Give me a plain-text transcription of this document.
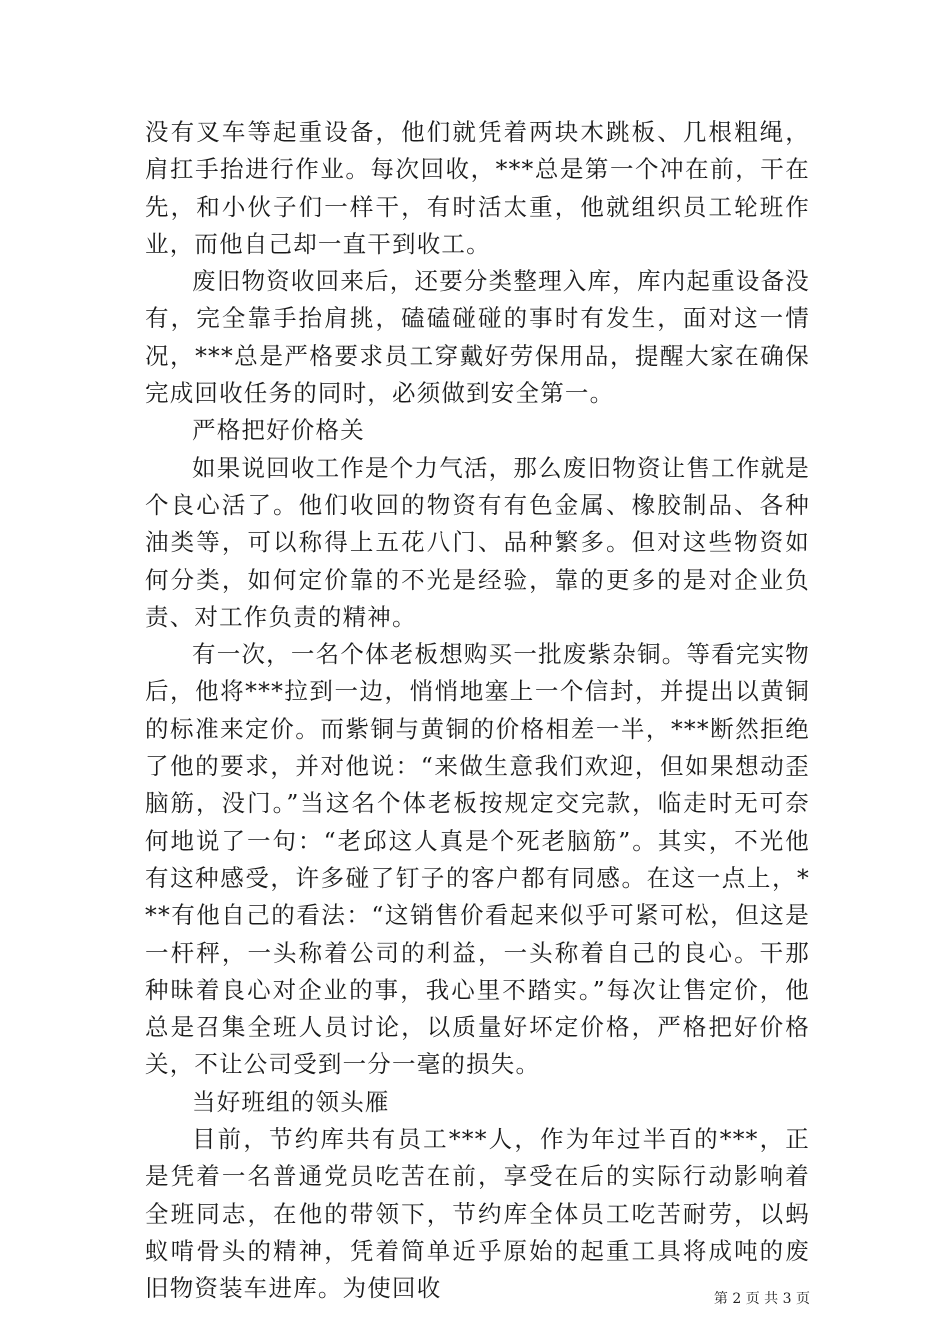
没有叉车等起重设备，他们就凭着两块木跳板、几根粗绳，肩扛手抬进行作业。每次回收，***总是第一个冲在前，干在先，和小伙子们一样干，有时活太重，他就组织员工轮班作业，而他自己却一直干到收工。

废旧物资收回来后，还要分类整理入库，库内起重设备没有，完全靠手抬肩挑，磕磕碰碰的事时有发生，面对这一情况，***总是严格要求员工穿戴好劳保用品，提醒大家在确保完成回收任务的同时，必须做到安全第一。

严格把好价格关

如果说回收工作是个力气活，那么废旧物资让售工作就是个良心活了。他们收回的物资有有色金属、橡胶制品、各种油类等，可以称得上五花八门、品种繁多。但对这些物资如何分类，如何定价靠的不光是经验，靠的更多的是对企业负责、对工作负责的精神。

有一次，一名个体老板想购买一批废紫杂铜。等看完实物后，他将***拉到一边，悄悄地塞上一个信封，并提出以黄铜的标准来定价。而紫铜与黄铜的价格相差一半，***断然拒绝了他的要求，并对他说：“来做生意我们欢迎，但如果想动歪脑筋，没门。”当这名个体老板按规定交完款，临走时无可奈何地说了一句：“老邱这人真是个死老脑筋”。其实，不光他有这种感受，许多碰了钉子的客户都有同感。在这一点上，***有他自己的看法：“这销售价看起来似乎可紧可松，但这是一杆秤，一头称着公司的利益，一头称着自己的良心。干那种昧着良心对企业的事，我心里不踏实。”每次让售定价，他总是召集全班人员讨论，以质量好坏定价格，严格把好价格关，不让公司受到一分一毫的损失。

当好班组的领头雁

目前，节约库共有员工***人，作为年过半百的***，正是凭着一名普通党员吃苦在前，享受在后的实际行动影响着全班同志，在他的带领下，节约库全体员工吃苦耐劳，以蚂蚁啃骨头的精神，凭着简单近乎原始的起重工具将成吨的废旧物资装车进库。为使回收	第 2 页 共 3 页
